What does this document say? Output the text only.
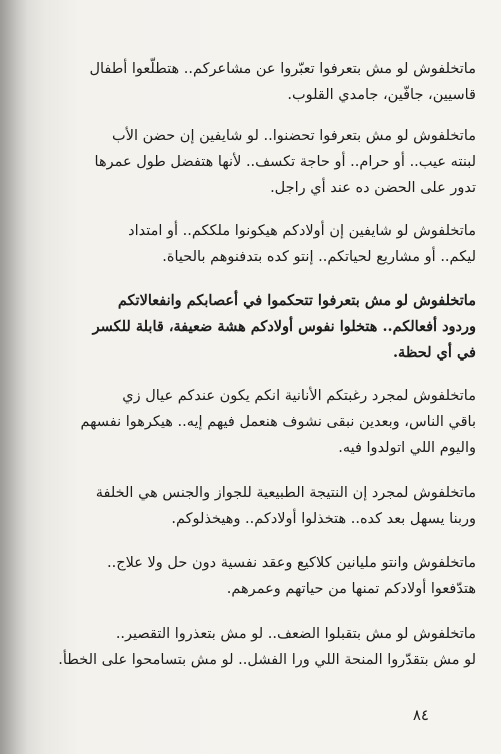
ماتخلفوش لو مش بتعرفوا تعبّروا عن مشاعركم.. هتطلّعوا أطفال
قاسيين، جافّين، جامدي القلوب.
ماتخلفوش لو مش بتعرفوا تحضنوا.. لو شايفين إن حضن الأب
لبنته عيب.. أو حرام.. أو حاجة تكسف.. لأنها هتفضل طول عمرها
تدور على الحضن ده عند أي راجل.
ماتخلفوش لو شايفين إن أولادكم هيكونوا ملككم.. أو امتداد
ليكم.. أو مشاريع لحياتكم.. إنتو كده بتدفنوهم بالحياة.
ماتخلفوش لو مش بتعرفوا تتحكموا في أعصابكم وانفعالاتكم
وردود أفعالكم.. هتخلوا نفوس أولادكم هشة ضعيفة، قابلة للكسر
في أي لحظة.
ماتخلفوش لمجرد رغبتكم الأنانية انكم يكون عندكم عيال زي
باقي الناس، وبعدين نبقى نشوف هنعمل فيهم إيه.. هيكرهوا نفسهم
واليوم اللي اتولدوا فيه.
ماتخلفوش لمجرد إن النتيجة الطبيعية للجواز والجنس هي الخلفة
وربنا يسهل بعد كده.. هتخذلوا أولادكم.. وهيخذلوكم.
ماتخلفوش وانتو مليانين كلاكيع وعقد نفسية دون حل ولا علاج..
هتدّفعوا أولادكم تمنها من حياتهم وعمرهم.
ماتخلفوش لو مش بتقبلوا الضعف.. لو مش بتعذروا التقصير..
لو مش بتقدّروا المنحة اللي ورا الفشل.. لو مش بتسامحوا على الخطأ.
٨٤
